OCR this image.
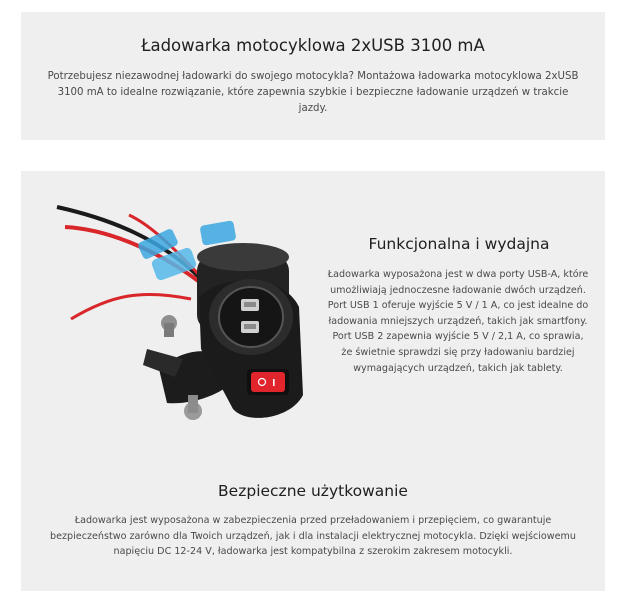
Ładowarka motocyklowa 2xUSB 3100 mA

Potrzebujesz niezawodnej ładowarki do swojego motocykla? Montażowa ładowarka motocyklowa 2xUSB 3100 mA to idealne rozwiązanie, które zapewnia szybkie i bezpieczne ładowanie urządzeń w trakcie jazdy.

Funkcjonalna i wydajna

Ładowarka wyposażona jest w dwa porty USB-A, które umożliwiają jednoczesne ładowanie dwóch urządzeń. Port USB 1 oferuje wyjście 5 V / 1 A, co jest idealne do ładowania mniejszych urządzeń, takich jak smartfony. Port USB 2 zapewnia wyjście 5 V / 2,1 A, co sprawia, że świetnie sprawdzi się przy ładowaniu bardziej wymagających urządzeń, takich jak tablety.

Bezpieczne użytkowanie

Ładowarka jest wyposażona w zabezpieczenia przed przeładowaniem i przepięciem, co gwarantuje bezpieczeństwo zarówno dla Twoich urządzeń, jak i dla instalacji elektrycznej motocykla. Dzięki wejściowemu napięciu DC 12-24 V, ładowarka jest kompatybilna z szerokim zakresem motocykli.
